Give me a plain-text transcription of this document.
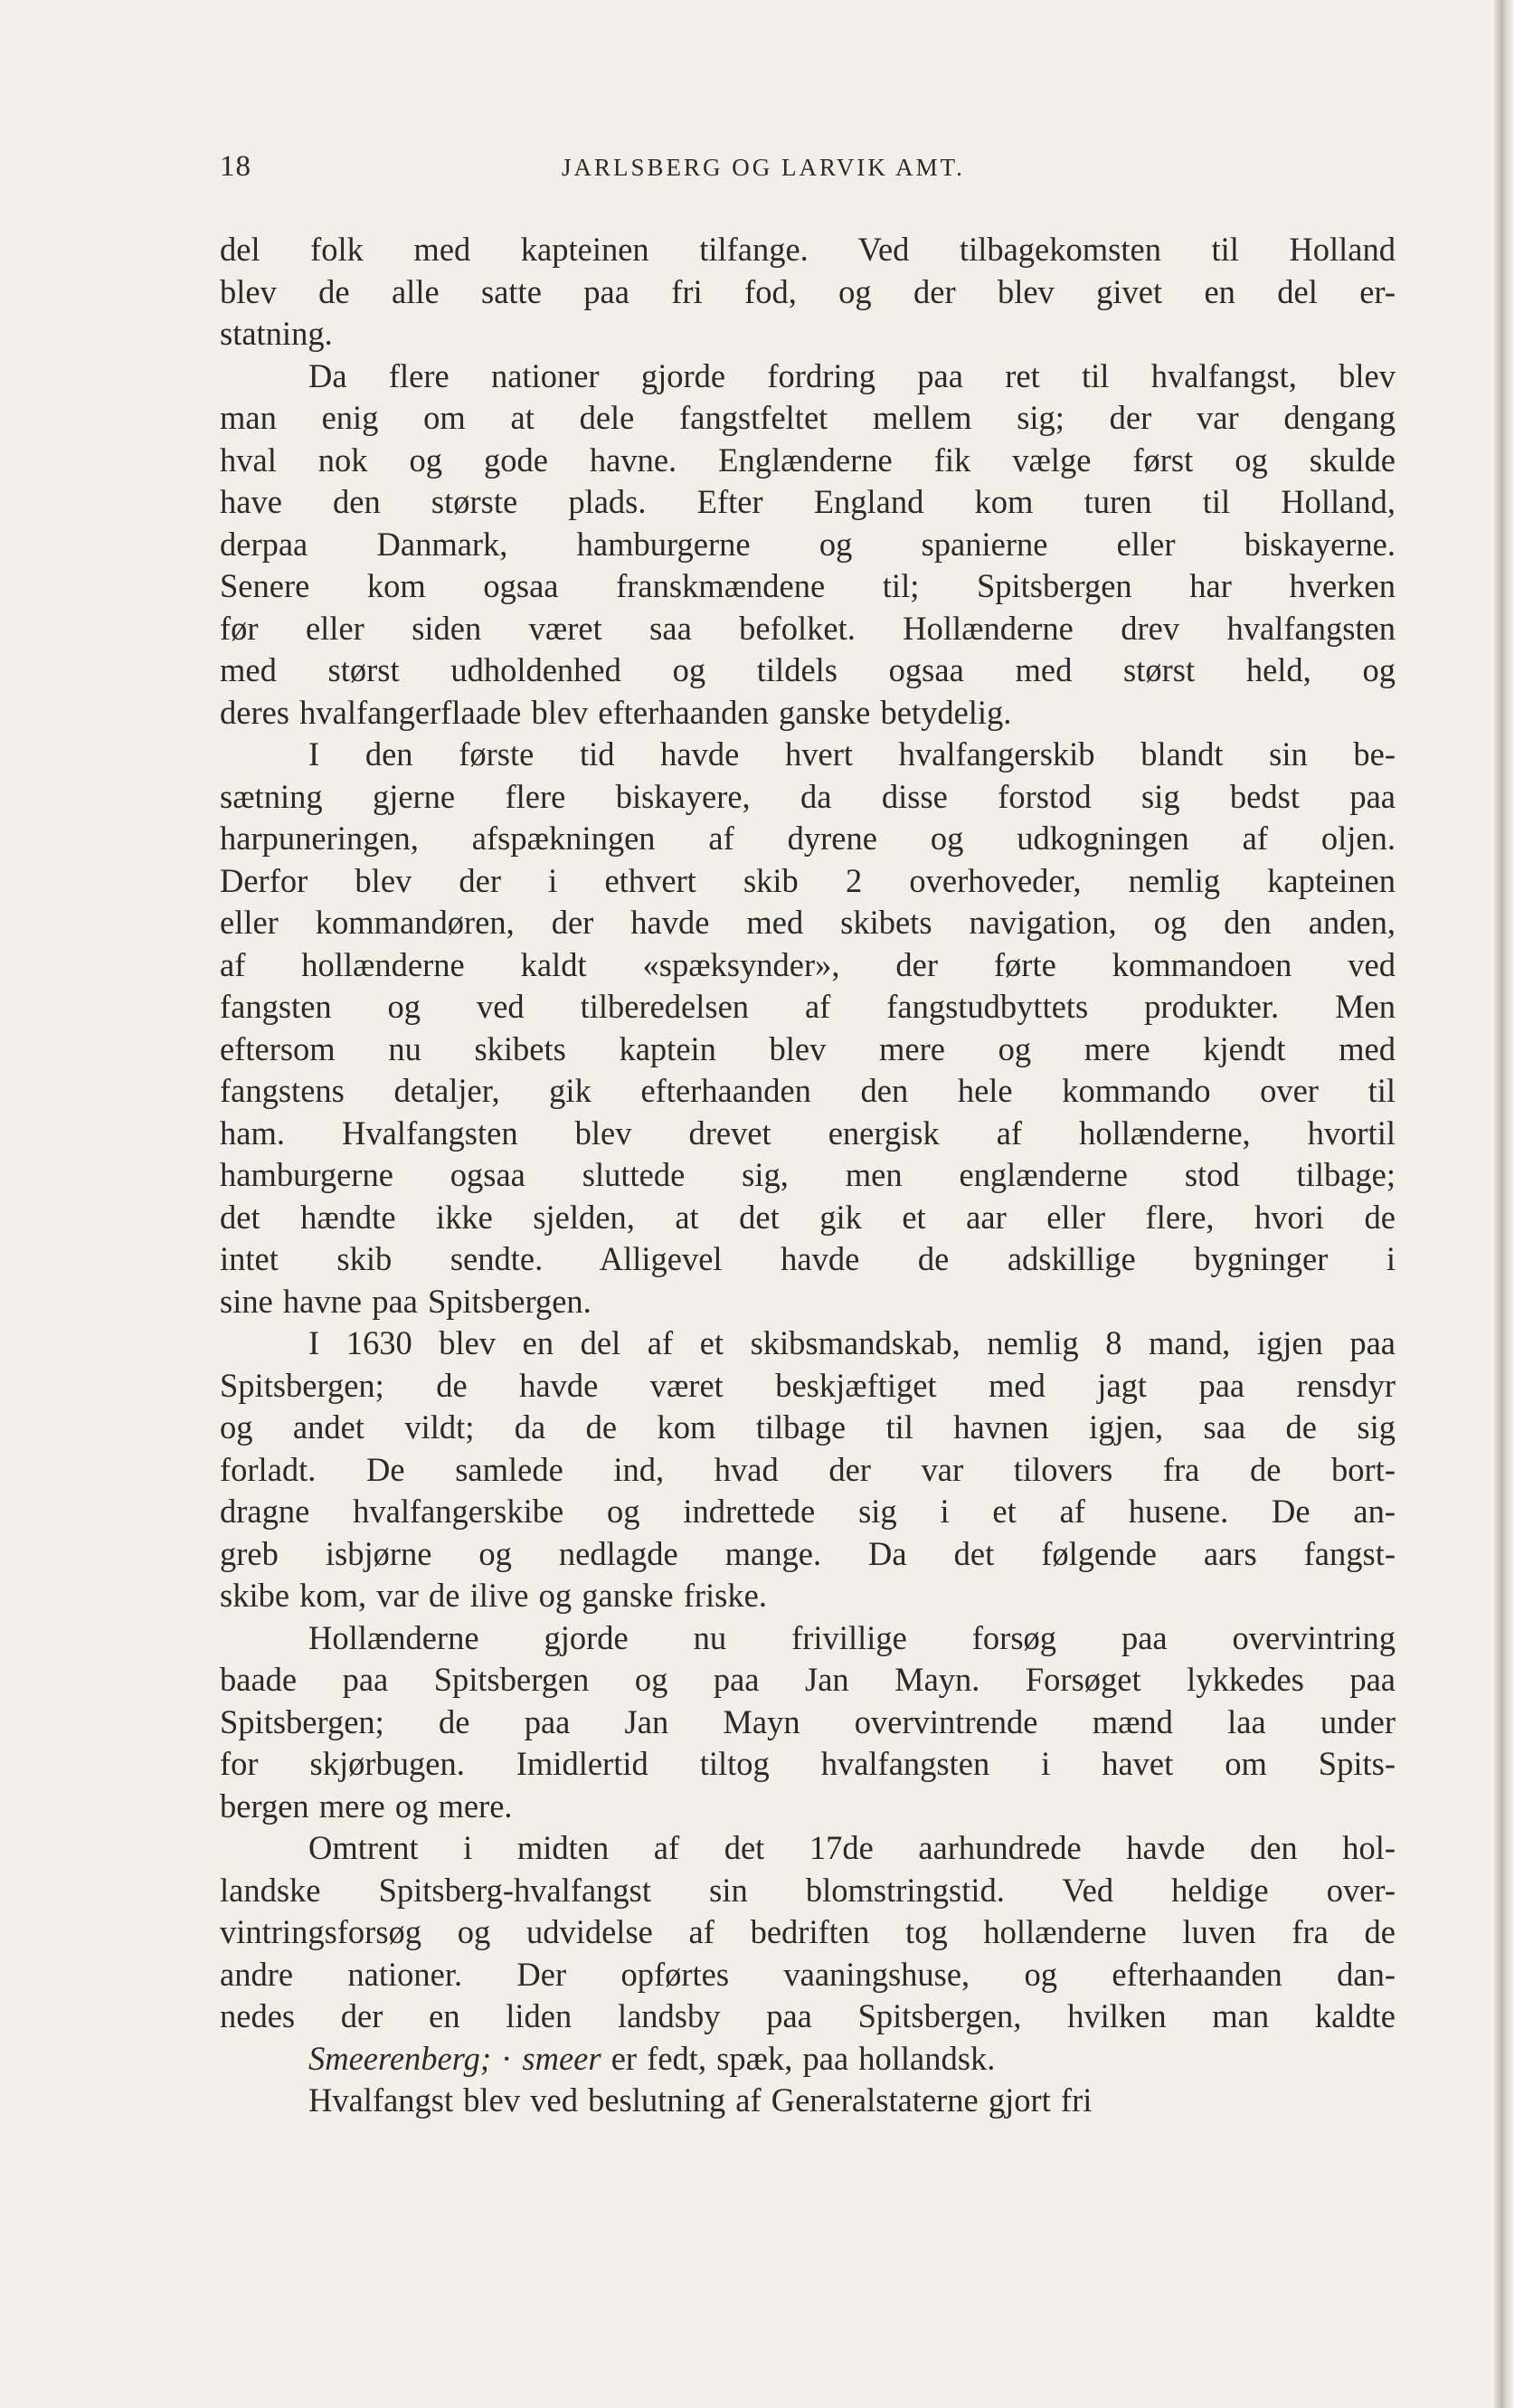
18	JARLSBERG OG LARVIK AMT.
del folk med kapteinen tilfange. Ved tilbagekomsten til Holland
blev de alle satte paa fri fod, og der blev givet en del er-
statning.
Da flere nationer gjorde fordring paa ret til hvalfangst, blev
man enig om at dele fangstfeltet mellem sig; der var dengang
hval nok og gode havne. Englænderne fik vælge først og skulde
have den største plads. Efter England kom turen til Holland,
derpaa Danmark, hamburgerne og spanierne eller biskayerne.
Senere kom ogsaa franskmændene til; Spitsbergen har hverken
før eller siden været saa befolket. Hollænderne drev hvalfangsten
med størst udholdenhed og tildels ogsaa med størst held, og
deres hvalfangerflaade blev efterhaanden ganske betydelig.
I den første tid havde hvert hvalfangerskib blandt sin be-
sætning gjerne flere biskayere, da disse forstod sig bedst paa
harpuneringen, afspækningen af dyrene og udkogningen af oljen.
Derfor blev der i ethvert skib 2 overhoveder, nemlig kapteinen
eller kommandøren, der havde med skibets navigation, og den anden,
af hollænderne kaldt «spæksynder», der førte kommandoen ved
fangsten og ved tilberedelsen af fangstudbyttets produkter. Men
eftersom nu skibets kaptein blev mere og mere kjendt med
fangstens detaljer, gik efterhaanden den hele kommando over til
ham. Hvalfangsten blev drevet energisk af hollænderne, hvortil
hamburgerne ogsaa sluttede sig, men englænderne stod tilbage;
det hændte ikke sjelden, at det gik et aar eller flere, hvori de
intet skib sendte. Alligevel havde de adskillige bygninger i
sine havne paa Spitsbergen.
I 1630 blev en del af et skibsmandskab, nemlig 8 mand, igjen paa
Spitsbergen; de havde været beskjæftiget med jagt paa rensdyr
og andet vildt; da de kom tilbage til havnen igjen, saa de sig
forladt. De samlede ind, hvad der var tilovers fra de bort-
dragne hvalfangerskibe og indrettede sig i et af husene. De an-
greb isbjørne og nedlagde mange. Da det følgende aars fangst-
skibe kom, var de ilive og ganske friske.
Hollænderne gjorde nu frivillige forsøg paa overvintring
baade paa Spitsbergen og paa Jan Mayn. Forsøget lykkedes paa
Spitsbergen; de paa Jan Mayn overvintrende mænd laa under
for skjørbugen. Imidlertid tiltog hvalfangsten i havet om Spits-
bergen mere og mere.
Omtrent i midten af det 17de aarhundrede havde den hol-
landske Spitsberg-hvalfangst sin blomstringstid. Ved heldige over-
vintringsforsøg og udvidelse af bedriften tog hollænderne luven fra de
andre nationer. Der opførtes vaaningshuse, og efterhaanden dan-
nedes der en liden landsby paa Spitsbergen, hvilken man kaldte
Smeerenberg; · smeer er fedt, spæk, paa hollandsk.
Hvalfangst blev ved beslutning af Generalstaterne gjort fri
